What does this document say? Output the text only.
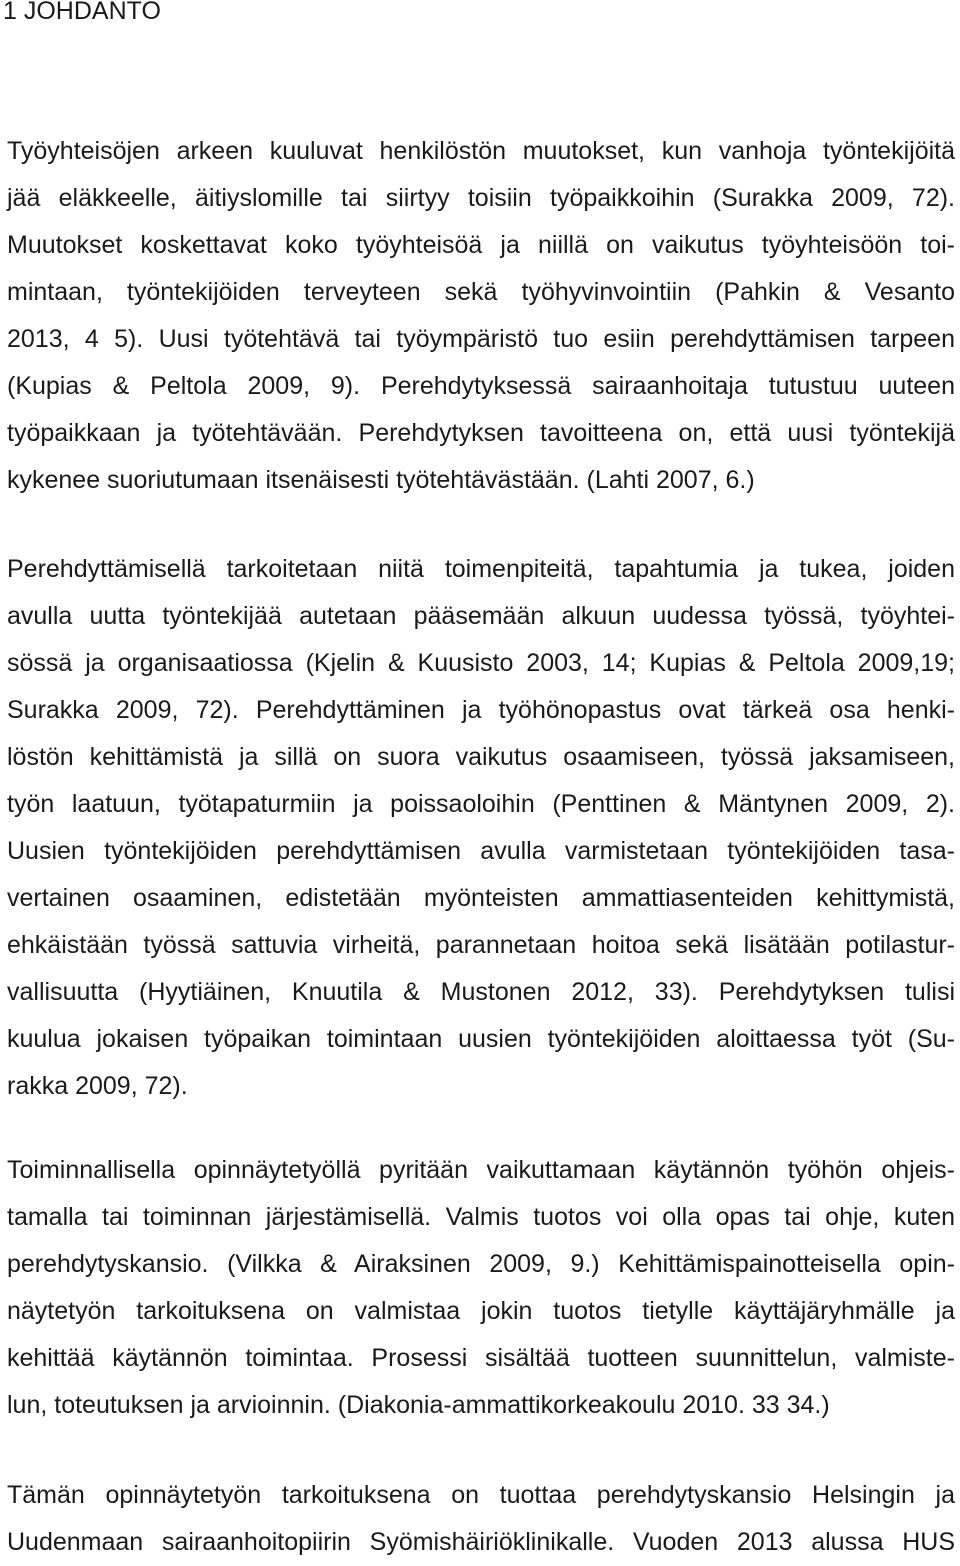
1 JOHDANTO

Työyhteisöjen arkeen kuuluvat henkilöstön muutokset, kun vanhoja työntekijöitä
jää eläkkeelle, äitiyslomille tai siirtyy toisiin työpaikkoihin (Surakka 2009, 72).
Muutokset koskettavat koko työyhteisöä ja niillä on vaikutus työyhteisöön toi-
mintaan, työntekijöiden terveyteen sekä työhyvinvointiin (Pahkin & Vesanto
2013, 4 5). Uusi työtehtävä tai työympäristö tuo esiin perehdyttämisen tarpeen
(Kupias & Peltola 2009, 9). Perehdytyksessä sairaanhoitaja tutustuu uuteen
työpaikkaan ja työtehtävään. Perehdytyksen tavoitteena on, että uusi työntekijä
kykenee suoriutumaan itsenäisesti työtehtävästään. (Lahti 2007, 6.)

Perehdyttämisellä tarkoitetaan niitä toimenpiteitä, tapahtumia ja tukea, joiden
avulla uutta työntekijää autetaan pääsemään alkuun uudessa työssä, työyhtei-
sössä ja organisaatiossa (Kjelin & Kuusisto 2003, 14; Kupias & Peltola 2009,19;
Surakka 2009, 72). Perehdyttäminen ja työhönopastus ovat tärkeä osa henki-
löstön kehittämistä ja sillä on suora vaikutus osaamiseen, työssä jaksamiseen,
työn laatuun, työtapaturmiin ja poissaoloihin (Penttinen & Mäntynen 2009, 2).
Uusien työntekijöiden perehdyttämisen avulla varmistetaan työntekijöiden tasa-
vertainen osaaminen, edistetään myönteisten ammattiasenteiden kehittymistä,
ehkäistään työssä sattuvia virheitä, parannetaan hoitoa sekä lisätään potilastur-
vallisuutta (Hyytiäinen, Knuutila & Mustonen 2012, 33). Perehdytyksen tulisi
kuulua jokaisen työpaikan toimintaan uusien työntekijöiden aloittaessa työt (Su-
rakka 2009, 72).

Toiminnallisella opinnäytetyöllä pyritään vaikuttamaan käytännön työhön ohjeis-
tamalla tai toiminnan järjestämisellä. Valmis tuotos voi olla opas tai ohje, kuten
perehdytyskansio. (Vilkka & Airaksinen 2009, 9.) Kehittämispainotteisella opin-
näytetyön tarkoituksena on valmistaa jokin tuotos tietylle käyttäjäryhmälle ja
kehittää käytännön toimintaa. Prosessi sisältää tuotteen suunnittelun, valmiste-
lun, toteutuksen ja arvioinnin. (Diakonia-ammattikorkeakoulu 2010. 33 34.)

Tämän opinnäytetyön tarkoituksena on tuottaa perehdytyskansio Helsingin ja
Uudenmaan sairaanhoitopiirin Syömishäiriöklinikalle. Vuoden 2013 alussa HUS
